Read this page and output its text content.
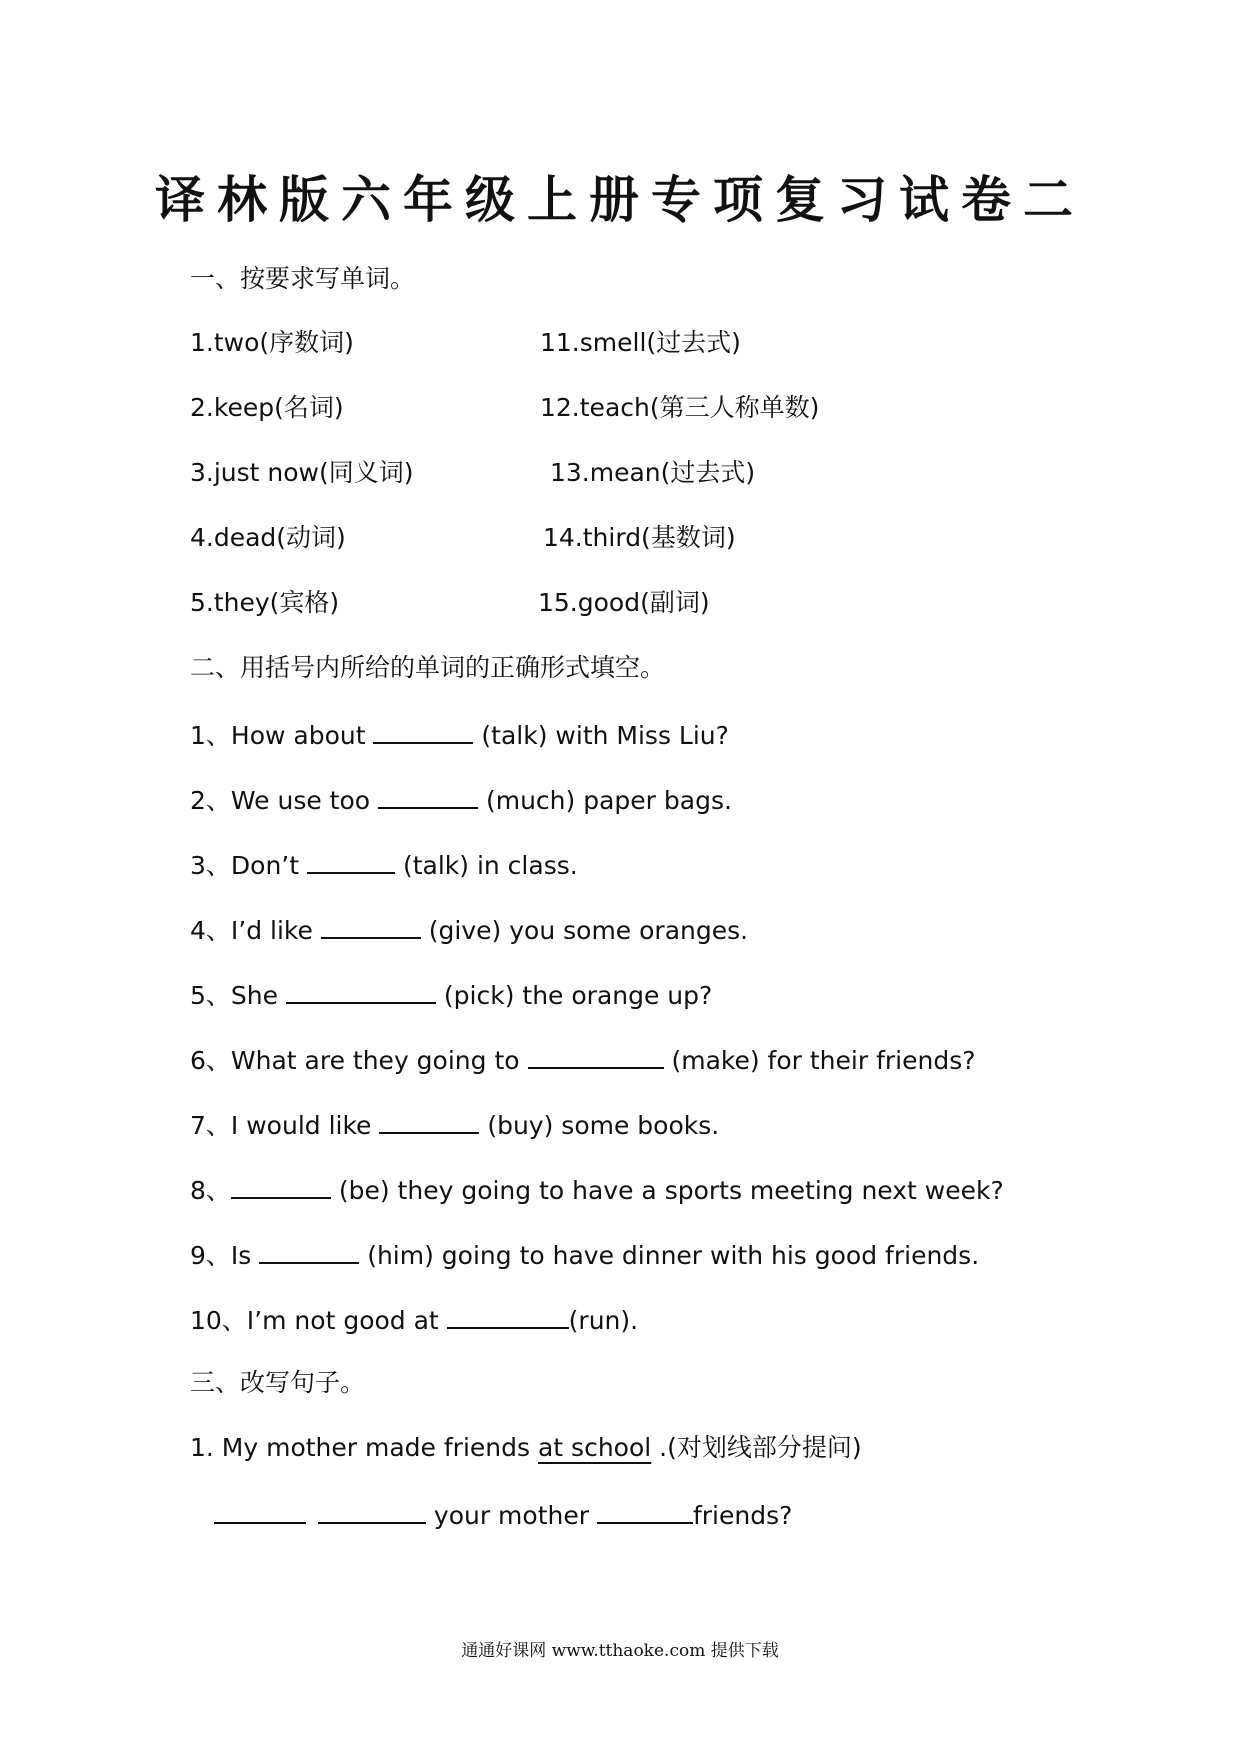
译林版六年级上册专项复习试卷二
一、按要求写单词。
1.two(序数词)	11.smell(过去式)
2.keep(名词)	12.teach(第三人称单数)
3.just now(同义词)	13.mean(过去式)
4.dead(动词)	14.third(基数词)
5.they(宾格)	15.good(副词)
二、用括号内所给的单词的正确形式填空。
1、How about	(talk) with Miss Liu?
2、We use too	(much) paper bags.
3、Don’t	(talk) in class.
4、I’d like	(give) you some oranges.
5、She	(pick) the orange up?
6、What are they going to	(make) for their friends?
7、I would like	(buy) some books.
8、	(be) they going to have a sports meeting next week?
9、Is	(him) going to have dinner with his good friends.
10、I’m not good at	(run).
三、改写句子。
1. My mother made friends at school .(对划线部分提问)
your mother	friends?
通通好课网 www.tthaoke.com 提供下载
